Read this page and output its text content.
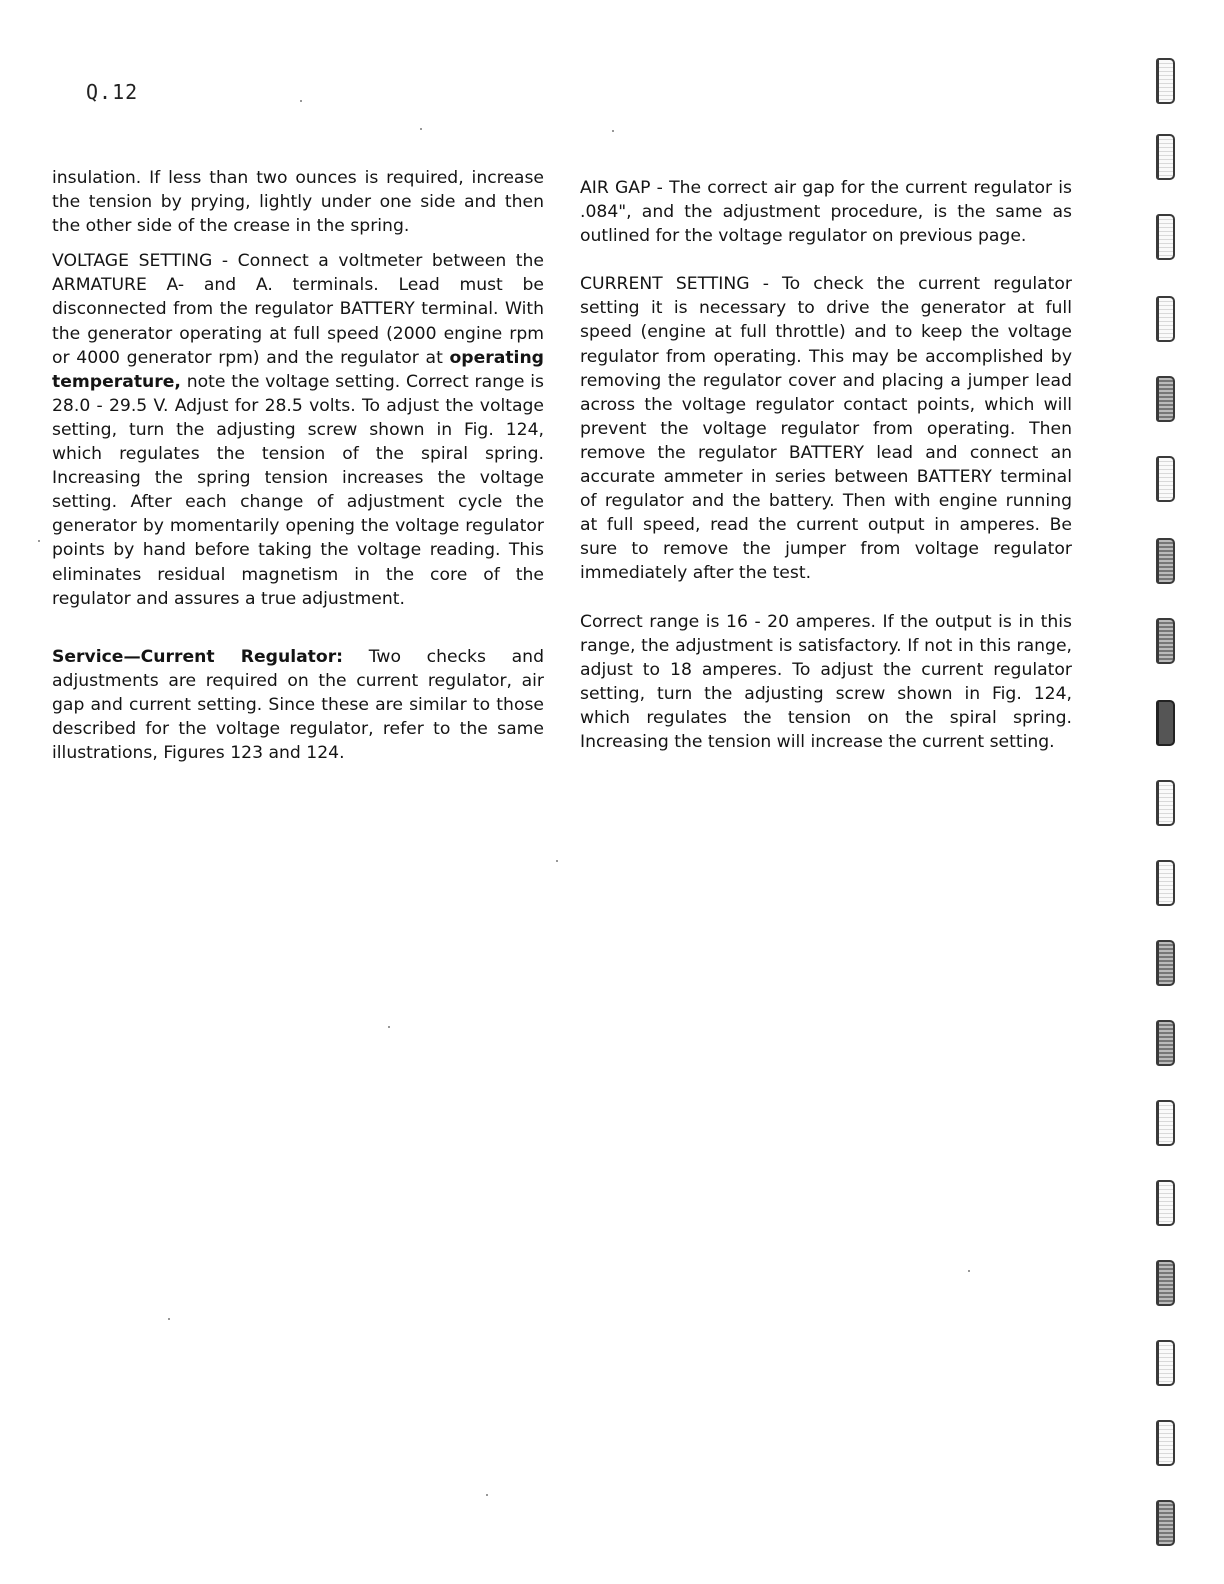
Q.12

insulation. If less than two ounces is required, increase the tension by prying, lightly under one side and then the other side of the crease in the spring.

VOLTAGE SETTING - Connect a voltmeter between the ARMATURE A- and A. terminals. Lead must be disconnected from the regulator BATTERY terminal. With the generator operating at full speed (2000 engine rpm or 4000 generator rpm) and the regulator at operating temperature, note the voltage setting. Correct range is 28.0 - 29.5 V. Adjust for 28.5 volts. To adjust the voltage setting, turn the adjusting screw shown in Fig. 124, which regulates the tension of the spiral spring. Increasing the spring tension increases the voltage setting. After each change of adjustment cycle the generator by momentarily opening the voltage regulator points by hand before taking the voltage reading. This eliminates residual magnetism in the core of the regulator and assures a true adjustment.

Service—Current Regulator: Two checks and adjustments are required on the current regulator, air gap and current setting. Since these are similar to those described for the voltage regulator, refer to the same illustrations, Figures 123 and 124.

AIR GAP - The correct air gap for the current regulator is .084", and the adjustment procedure, is the same as outlined for the voltage regulator on previous page.

CURRENT SETTING - To check the current regulator setting it is necessary to drive the generator at full speed (engine at full throttle) and to keep the voltage regulator from operating. This may be accomplished by removing the regulator cover and placing a jumper lead across the voltage regulator contact points, which will prevent the voltage regulator from operating. Then remove the regulator BATTERY lead and connect an accurate ammeter in series between BATTERY terminal of regulator and the battery. Then with engine running at full speed, read the current output in amperes. Be sure to remove the jumper from voltage regulator immediately after the test.

Correct range is 16 - 20 amperes. If the output is in this range, the adjustment is satisfactory. If not in this range, adjust to 18 amperes. To adjust the current regulator setting, turn the adjusting screw shown in Fig. 124, which regulates the tension on the spiral spring. Increasing the tension will increase the current setting.
